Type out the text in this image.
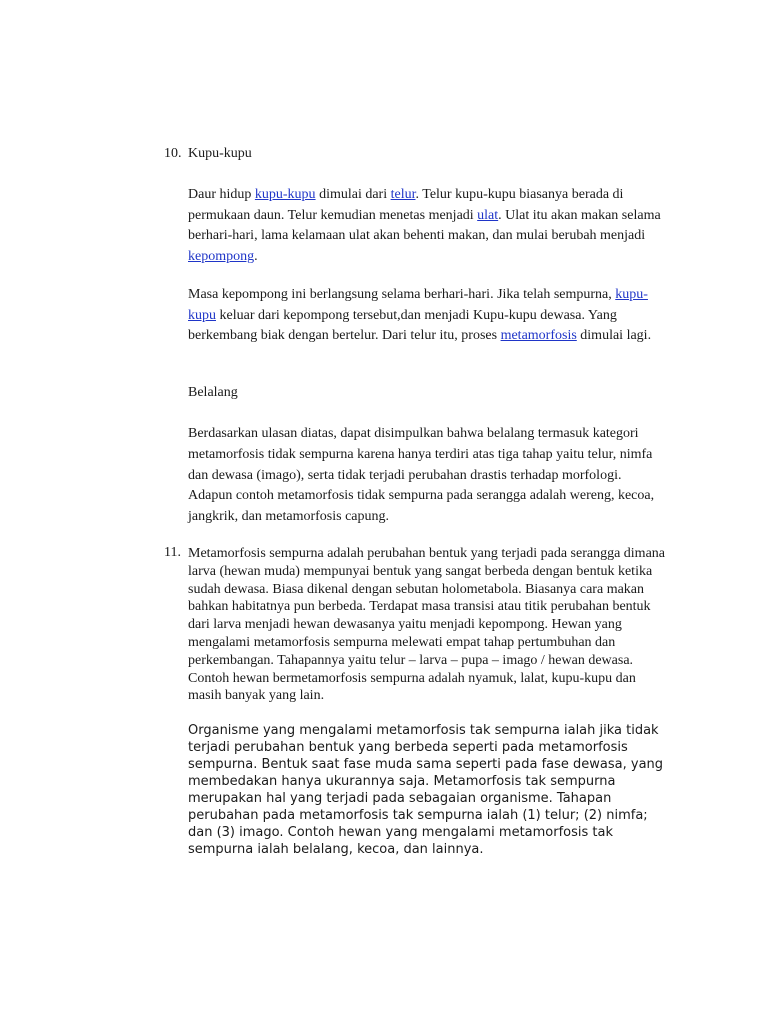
10. Kupu-kupu

Daur hidup kupu-kupu dimulai dari telur. Telur kupu-kupu biasanya berada di permukaan daun. Telur kemudian menetas menjadi ulat. Ulat itu akan makan selama berhari-hari, lama kelamaan ulat akan behenti makan, dan mulai berubah menjadi kepompong.

Masa kepompong ini berlangsung selama berhari-hari. Jika telah sempurna, kupu-kupu keluar dari kepompong tersebut,dan menjadi Kupu-kupu dewasa. Yang berkembang biak dengan bertelur. Dari telur itu, proses metamorfosis dimulai lagi.

Belalang

Berdasarkan ulasan diatas, dapat disimpulkan bahwa belalang termasuk kategori metamorfosis tidak sempurna karena hanya terdiri atas tiga tahap yaitu telur, nimfa dan dewasa (imago), serta tidak terjadi perubahan drastis terhadap morfologi. Adapun contoh metamorfosis tidak sempurna pada serangga adalah wereng, kecoa, jangkrik, dan metamorfosis capung.

11. Metamorfosis sempurna adalah perubahan bentuk yang terjadi pada serangga dimana larva (hewan muda) mempunyai bentuk yang sangat berbeda dengan bentuk ketika sudah dewasa. Biasa dikenal dengan sebutan holometabola. Biasanya cara makan bahkan habitatnya pun berbeda. Terdapat masa transisi atau titik perubahan bentuk dari larva menjadi hewan dewasanya yaitu menjadi kepompong. Hewan yang mengalami metamorfosis sempurna melewati empat tahap pertumbuhan dan perkembangan. Tahapannya yaitu telur – larva – pupa – imago / hewan dewasa. Contoh hewan bermetamorfosis sempurna adalah nyamuk, lalat, kupu-kupu dan masih banyak yang lain.

Organisme yang mengalami metamorfosis tak sempurna ialah jika tidak terjadi perubahan bentuk yang berbeda seperti pada metamorfosis sempurna. Bentuk saat fase muda sama seperti pada fase dewasa, yang membedakan hanya ukurannya saja. Metamorfosis tak sempurna merupakan hal yang terjadi pada sebagaian organisme. Tahapan perubahan pada metamorfosis tak sempurna ialah (1) telur; (2) nimfa; dan (3) imago. Contoh hewan yang mengalami metamorfosis tak sempurna ialah belalang, kecoa, dan lainnya.
